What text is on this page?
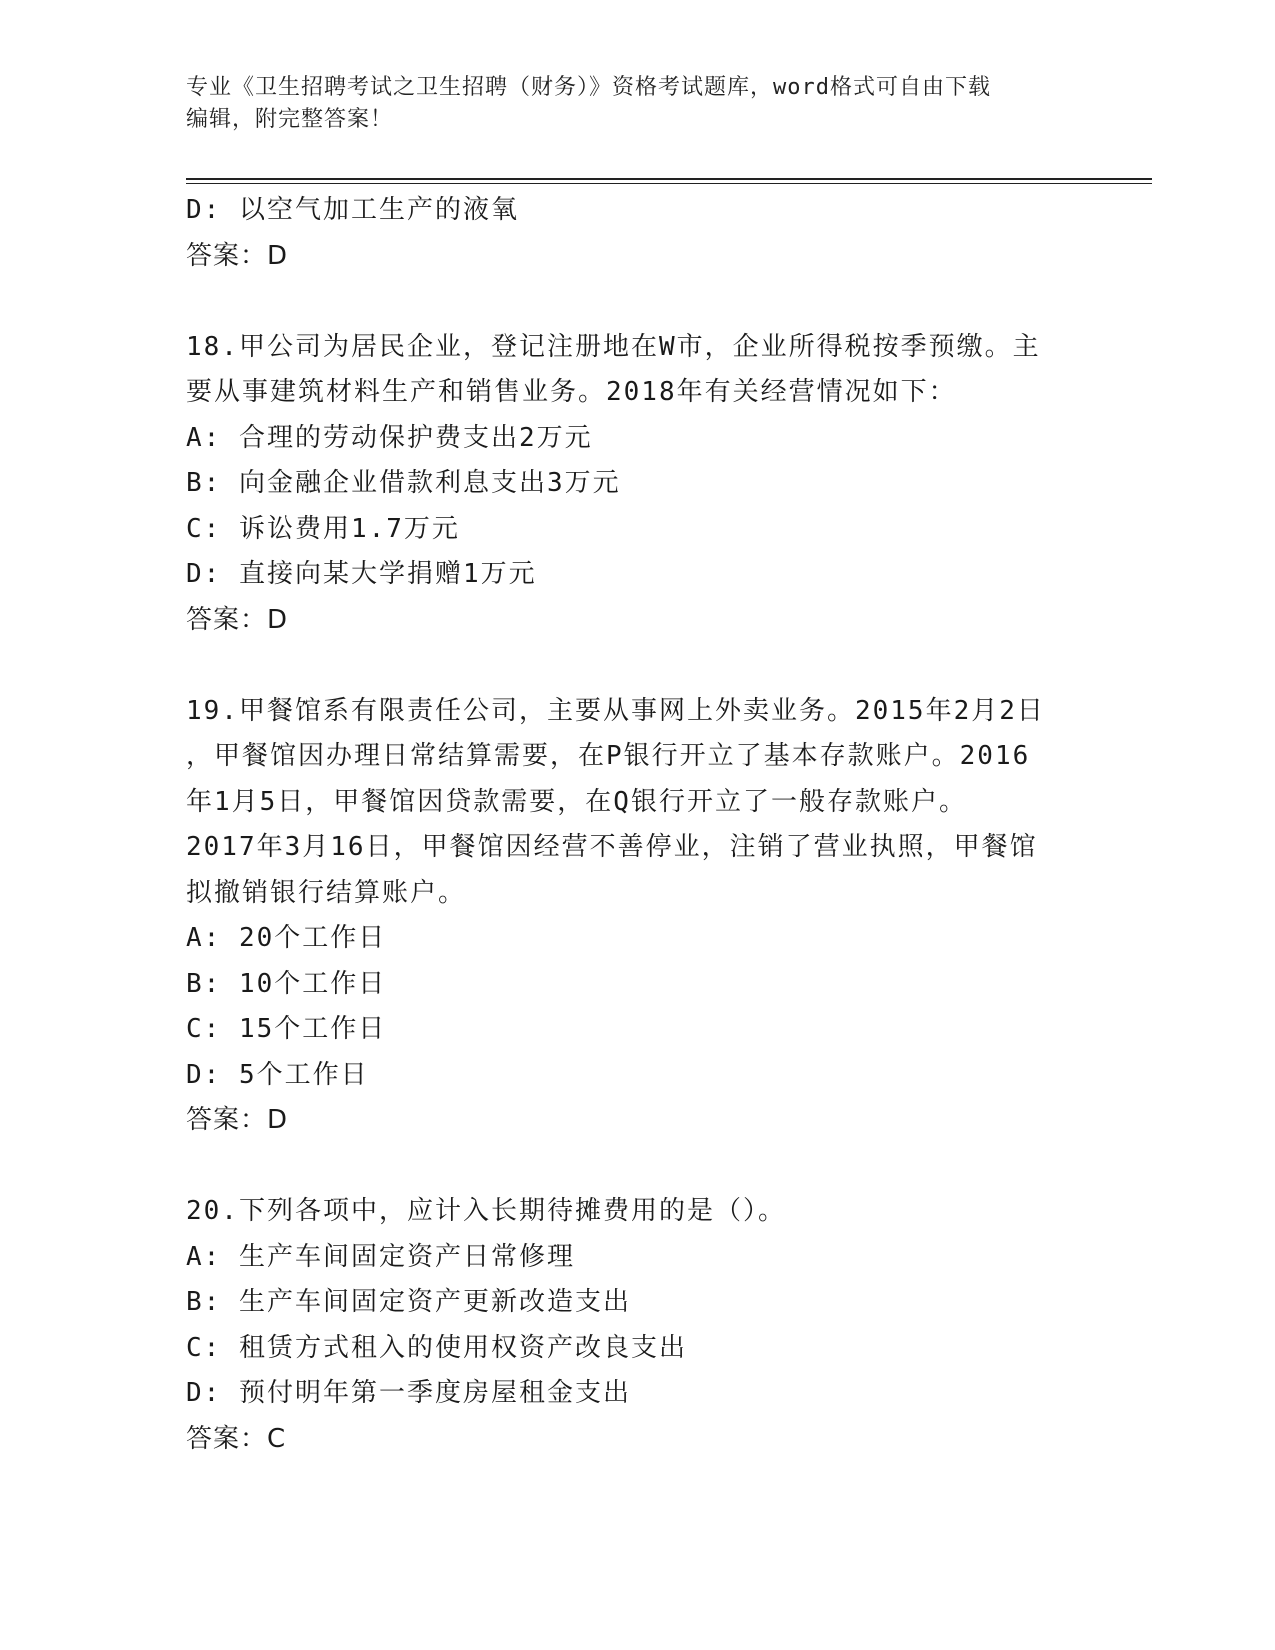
专业《卫生招聘考试之卫生招聘（财务）》资格考试题库，word格式可自由下载
编辑，附完整答案！
D: 以空气加工生产的液氧
答案：D
18.甲公司为居民企业，登记注册地在W市，企业所得税按季预缴。主
要从事建筑材料生产和销售业务。2018年有关经营情况如下：
A: 合理的劳动保护费支出2万元
B: 向金融企业借款利息支出3万元
C: 诉讼费用1.7万元
D: 直接向某大学捐赠1万元
答案：D
19.甲餐馆系有限责任公司，主要从事网上外卖业务。2015年2月2日
，甲餐馆因办理日常结算需要，在P银行开立了基本存款账户。2016
年1月5日，甲餐馆因贷款需要，在Q银行开立了一般存款账户。
2017年3月16日，甲餐馆因经营不善停业，注销了营业执照，甲餐馆
拟撤销银行结算账户。
A: 20个工作日
B: 10个工作日
C: 15个工作日
D: 5个工作日
答案：D
20.下列各项中，应计入长期待摊费用的是（）。
A: 生产车间固定资产日常修理
B: 生产车间固定资产更新改造支出
C: 租赁方式租入的使用权资产改良支出
D: 预付明年第一季度房屋租金支出
答案：C
